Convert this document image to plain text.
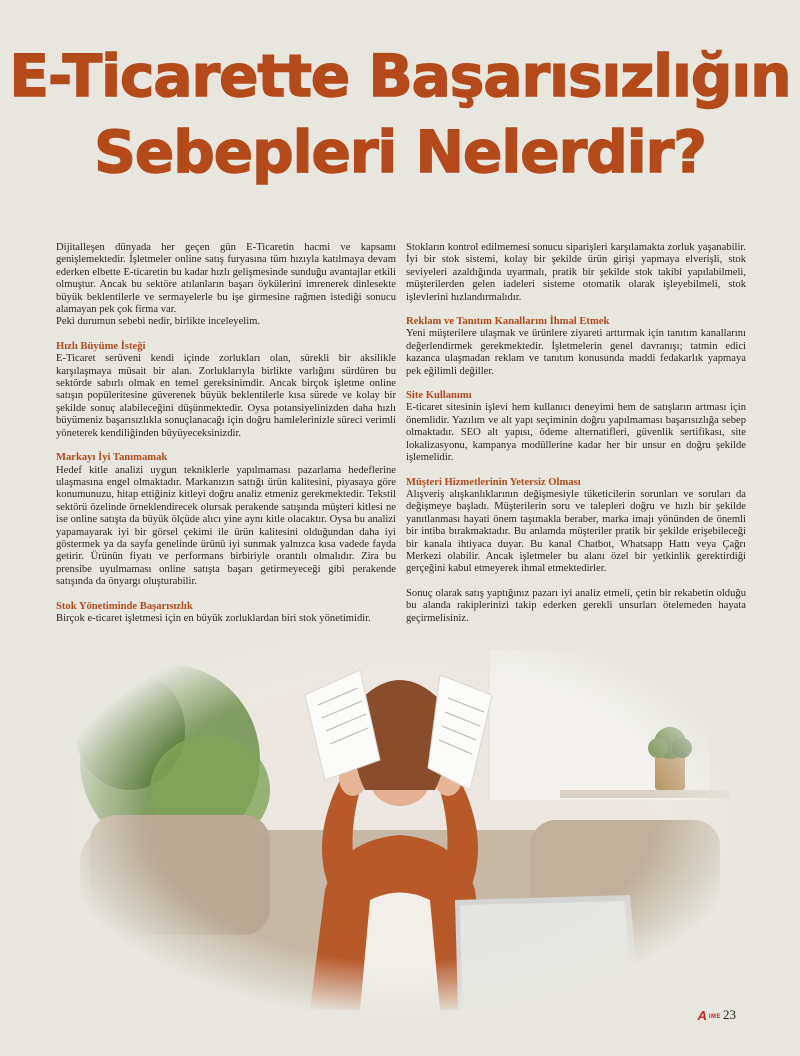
E-Ticarette Başarısızlığın
Sebepleri Nelerdir?

Dijitalleşen dünyada her geçen gün E-Ticaretin hacmi ve kapsamı genişlemektedir. İşletmeler online satış furyasına tüm hızıyla katılmaya devam ederken elbette E-ticaretin bu kadar hızlı gelişmesinde sunduğu avantajlar etkili olmuştur. Ancak bu sektöre atılanların başarı öykülerini imrenerek dinlesekte büyük beklentilerle ve sermayelerle bu işe girmesine rağmen istediği sonucu alamayan pek çok firma var.

Peki durumun sebebi nedir, birlikte inceleyelim.

Hızlı Büyüme İsteği

E-Ticaret serüveni kendi içinde zorlukları olan, sürekli bir aksilikle karşılaşmaya müsait bir alan. Zorluklarıyla birlikte varlığını sürdüren bu sektörde sabırlı olmak en temel gereksinimdir. Ancak birçok işletme online satışın popüleritesine güverenek büyük beklentilerle kısa sürede ve kolay bir şekilde sonuç alabileceğini düşünmektedir. Oysa potansiyelinizden daha hızlı büyümeniz başarısızlıkla sonuçlanacağı için doğru hamlelerinizle süreci verimli yöneterek kendiliğinden büyüyeceksinizdir.

Markayı İyi Tanımamak

Hedef kitle analizi uygun tekniklerle yapılmaması pazarlama hedeflerine ulaşmasına engel olmaktadır. Markanızın sattığı ürün kalitesini, piyasaya göre konumunuzu, hitap ettiğiniz kitleyi doğru analiz etmeniz gerekmektedir. Tekstil sektörü özelinde örneklendirecek olursak perakende satışında müşteri kitlesi ne ise online satışta da büyük ölçüde alıcı yine aynı kitle olacaktır. Oysa bu analizi yapamayarak iyi bir görsel çekimi ile ürün kalitesini olduğundan daha iyi göstermek ya da sayfa genelinde ürünü iyi sunmak yalnızca kısa vadede fayda getirir. Ürünün fiyatı ve performans birbiriyle orantılı olmalıdır. Zira bu prensibe uyulmaması online satışta başarı getirmeyeceği gibi perakende satışında da önyargı oluşturabilir.

Stok Yönetiminde Başarısızlık

Birçok e-ticaret işletmesi için en büyük zorluklardan biri stok yönetimidir.

Stokların kontrol edilmemesi sonucu siparişleri karşılamakta zorluk yaşanabilir. İyi bir stok sistemi, kolay bir şekilde ürün girişi yapmaya elverişli, stok seviyeleri azaldığında uyarmalı, pratik bir şekilde stok takibi yapılabilmeli, müşterilerden gelen iadeleri sisteme otomatik olarak işleyebilmeli, stok işlevlerini hızlandırmalıdır.

Reklam ve Tanıtım Kanallarını İhmal Etmek

Yeni müşterilere ulaşmak ve ürünlere ziyareti arttırmak için tanıtım kanallarını değerlendirmek gerekmektedir. İşletmelerin genel davranışı; tatmin edici kazanca ulaşmadan reklam ve tanıtım konusunda maddi fedakarlık yapmaya pek eğilimli değiller.

Site Kullanımı

E-ticaret sitesinin işlevi hem kullanıcı deneyimi hem de satışların artması için önemlidir. Yazılım ve alt yapı seçiminin doğru yapılmaması başarısızlığa sebep olmaktadır. SEO alt yapısı, ödeme alternatifleri, güvenlik sertifikası, site lokalizasyonu, kampanya modüllerine kadar her bir unsur en doğru şekilde işlemelidir.

Müşteri Hizmetlerinin Yetersiz Olması

Alışveriş alışkanlıklarının değişmesiyle tüketicilerin sorunları ve soruları da değişmeye başladı. Müşterilerin soru ve talepleri doğru ve hızlı bir şekilde yanıtlanması hayati önem taşımakla beraber, marka imajı yönünden de önemli bir intiba bırakmaktadır. Bu anlamda müşteriler pratik bir şekilde erişebileceği bir kanala ihtiyaca duyar. Bu kanal Chatbot, Whatsapp Hattı veya Çağrı Merkezi olabilir. Ancak işletmeler bu alanı özel bir yetkinlik gerektirdiği gerçeğini kabul etmeyerek ihmal etmektedirler.

Sonuç olarak satış yaptığınız pazarı iyi analiz etmeli, çetin bir rekabetin olduğu bu alanda rakiplerinizi takip ederken gerekli unsurları ötelemeden hayata geçirmelisiniz.

A IME 23
